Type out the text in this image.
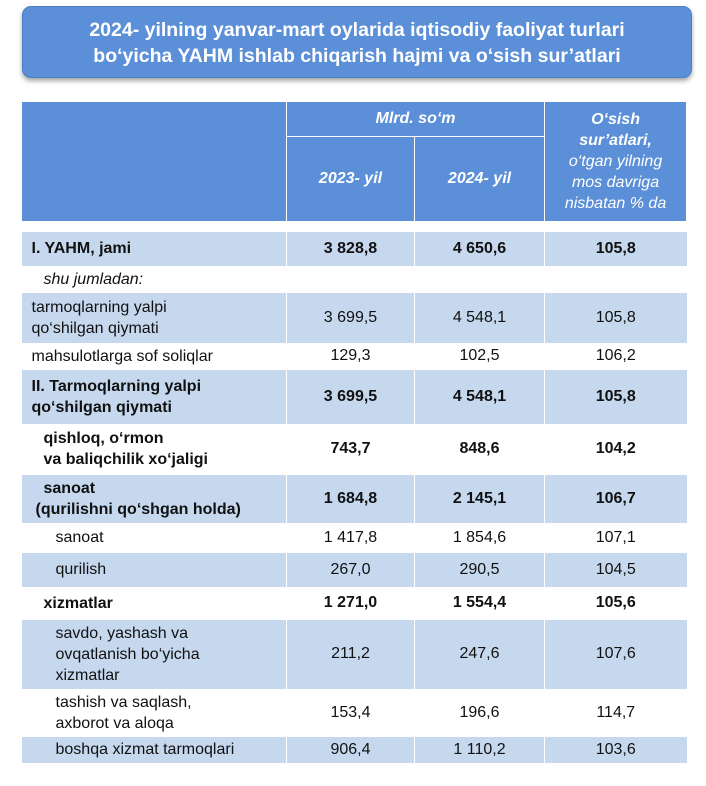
2024- yilning yanvar-mart oylarida iqtisodiy faoliyat turlari
bo‘yicha YAHM ishlab chiqarish hajmi va o‘sish sur’atlari
	Mlrd. so‘m		O‘sish
sur’atlari,
o‘tgan yilning
mos davriga
nisbatan % da
	2023- yil	2024- yil	

I. YAHM, jami	3 828,8	4 650,6	105,8
shu jumladan:			
tarmoqlarning yalpi
qo‘shilgan qiymati	3 699,5	4 548,1	105,8
mahsulotlarga sof soliqlar	129,3	102,5	106,2
II. Tarmoqlarning yalpi
qo‘shilgan qiymati	3 699,5	4 548,1	105,8
qishloq, o‘rmon
va baliqchilik xo‘jaligi	743,7	848,6	104,2
sanoat
(qurilishni qo‘shgan holda)	1 684,8	2 145,1	106,7
sanoat	1 417,8	1 854,6	107,1
qurilish	267,0	290,5	104,5
xizmatlar	1 271,0	1 554,4	105,6
savdo, yashash va
ovqatlanish bo‘yicha
xizmatlar	211,2	247,6	107,6
tashish va saqlash,
axborot va aloqa	153,4	196,6	114,7
boshqa xizmat tarmoqlari	906,4	1 110,2	103,6
